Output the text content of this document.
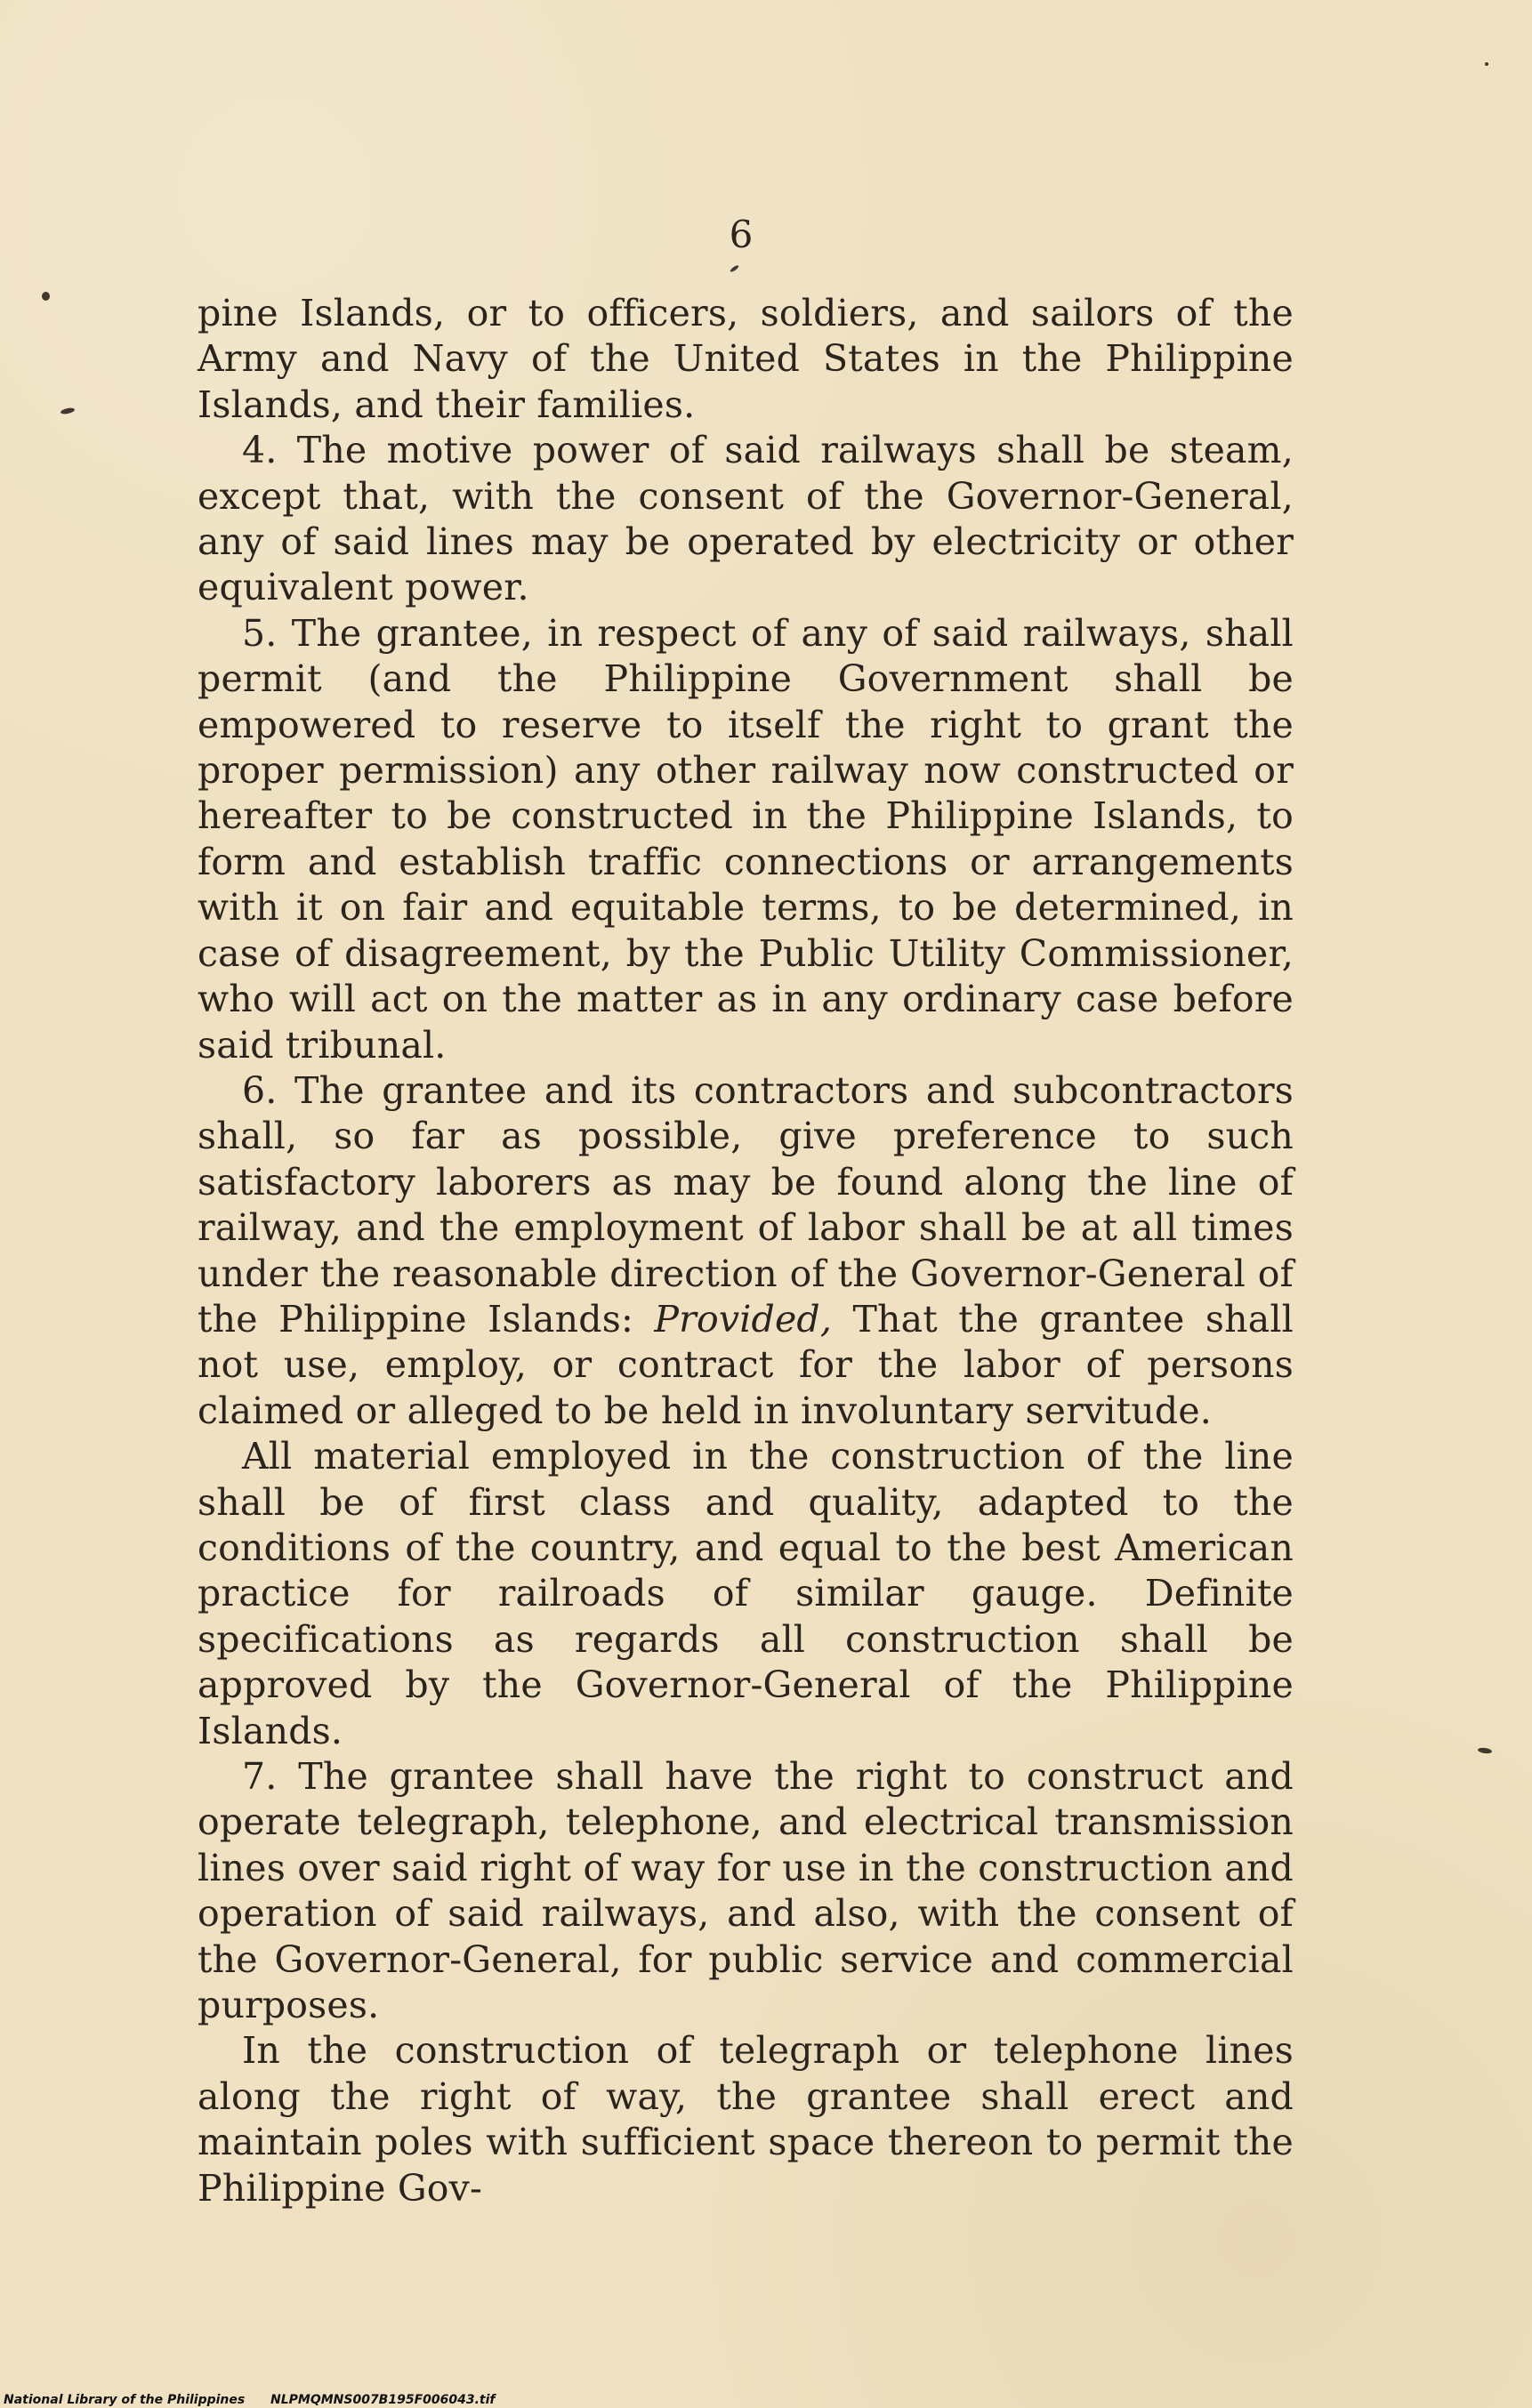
6

pine Islands, or to officers, soldiers, and sailors of the Army and Navy of the United States in the Philippine Islands, and their families.

4. The motive power of said railways shall be steam, except that, with the consent of the Governor-General, any of said lines may be operated by electricity or other equivalent power.

5. The grantee, in respect of any of said railways, shall permit (and the Philippine Government shall be empowered to reserve to itself the right to grant the proper permission) any other railway now constructed or hereafter to be constructed in the Philippine Islands, to form and establish traffic connections or arrangements with it on fair and equitable terms, to be determined, in case of disagreement, by the Public Utility Commissioner, who will act on the matter as in any ordinary case before said tribunal.

6. The grantee and its contractors and subcontractors shall, so far as possible, give preference to such satisfactory laborers as may be found along the line of railway, and the employment of labor shall be at all times under the reasonable direction of the Governor-General of the Philippine Islands: Provided, That the grantee shall not use, employ, or contract for the labor of persons claimed or alleged to be held in involuntary servitude.

All material employed in the construction of the line shall be of first class and quality, adapted to the conditions of the country, and equal to the best American practice for railroads of similar gauge. Definite specifications as regards all construction shall be approved by the Governor-General of the Philippine Islands.

7. The grantee shall have the right to construct and operate telegraph, telephone, and electrical transmission lines over said right of way for use in the construction and operation of said railways, and also, with the consent of the Governor-General, for public service and commercial purposes.

In the construction of telegraph or telephone lines along the right of way, the grantee shall erect and maintain poles with sufficient space thereon to permit the Philippine Gov-

National Library of the Philippines NLPMQMNS007B195F006043.tif
